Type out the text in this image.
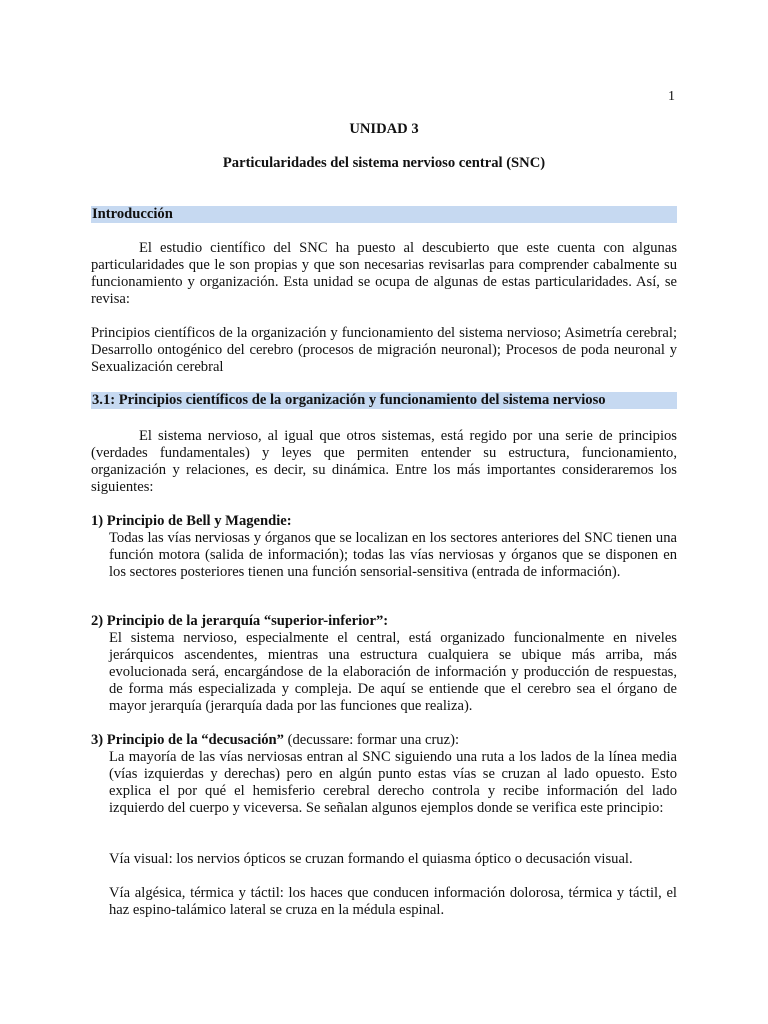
1
UNIDAD 3
Particularidades del sistema nervioso central (SNC)
Introducción

El estudio científico del SNC ha puesto al descubierto que este cuenta con algunas particularidades que le son propias y que son necesarias revisarlas para comprender cabalmente su funcionamiento y organización. Esta unidad se ocupa de algunas de estas particularidades. Así, se revisa:

Principios científicos de la organización y funcionamiento del sistema nervioso; Asimetría cerebral; Desarrollo ontogénico del cerebro (procesos de migración neuronal); Procesos de poda neuronal y Sexualización cerebral

3.1: Principios científicos de la organización y funcionamiento del sistema nervioso

El sistema nervioso, al igual que otros sistemas, está regido por una serie de principios (verdades fundamentales) y leyes que permiten entender su estructura, funcionamiento, organización y relaciones, es decir, su dinámica. Entre los más importantes consideraremos los siguientes:

1) Principio de Bell y Magendie:

Todas las vías nerviosas y órganos que se localizan en los sectores anteriores del SNC tienen una función motora (salida de información); todas las vías nerviosas y órganos que se disponen en los sectores posteriores tienen una función sensorial-sensitiva (entrada de información).

2) Principio de la jerarquía “superior-inferior”:

El sistema nervioso, especialmente el central, está organizado funcionalmente en niveles jerárquicos ascendentes, mientras una estructura cualquiera se ubique más arriba, más evolucionada será, encargándose de la elaboración de información y producción de respuestas, de forma más especializada y compleja. De aquí se entiende que el cerebro sea el órgano de mayor jerarquía (jerarquía dada por las funciones que realiza).

3) Principio de la “decusación” (decussare: formar una cruz):

La mayoría de las vías nerviosas entran al SNC siguiendo una ruta a los lados de la línea media (vías izquierdas y derechas) pero en algún punto estas vías se cruzan al lado opuesto. Esto explica el por qué el hemisferio cerebral derecho controla y recibe información del lado izquierdo del cuerpo y viceversa. Se señalan algunos ejemplos donde se verifica este principio:

Vía visual: los nervios ópticos se cruzan formando el quiasma óptico o decusación visual.

Vía algésica, térmica y táctil: los haces que conducen información dolorosa, térmica y táctil, el haz espino-talámico lateral se cruza en la médula espinal.
